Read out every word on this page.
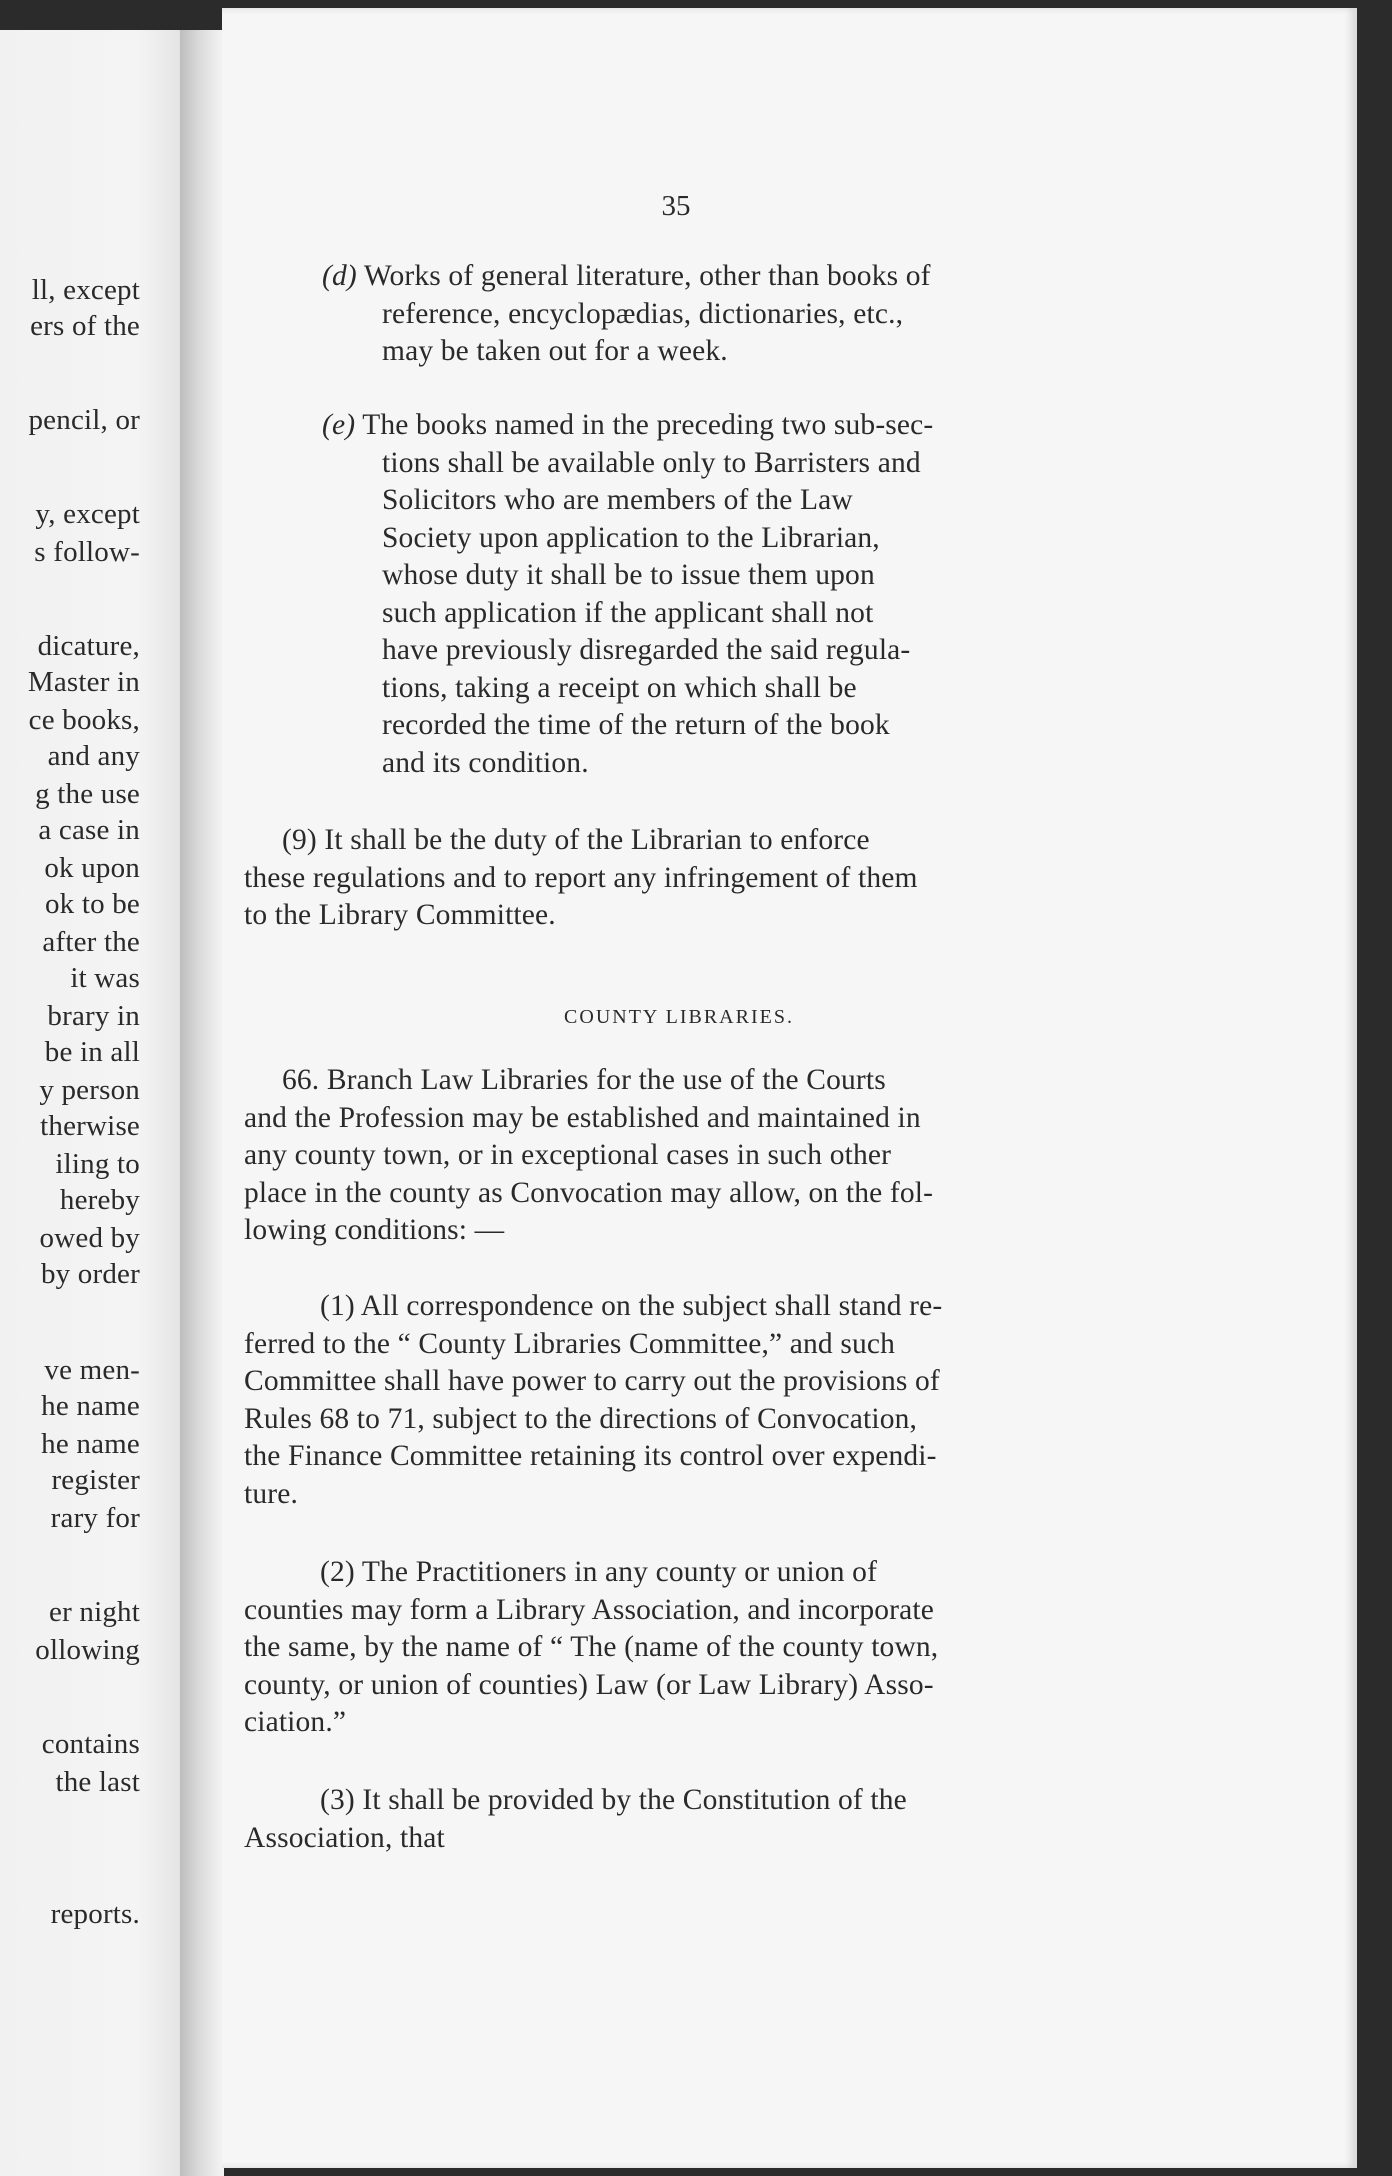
ll, except
ers of the
pencil, or
y, except
s follow-
dicature,
Master in
ce books,
and any
g the use
a case in
ok upon
ok to be
after the
it was
brary in
be in all
y person
therwise
iling to
hereby
owed by
by order
ve men-
he name
he name
register
rary for
er night
ollowing
contains
the last
reports.
35
(d) Works of general literature, other than books of
reference, encyclopædias, dictionaries, etc.,
may be taken out for a week.
(e) The books named in the preceding two sub-sec-
tions shall be available only to Barristers and
Solicitors who are members of the Law
Society upon application to the Librarian,
whose duty it shall be to issue them upon
such application if the applicant shall not
have previously disregarded the said regula-
tions, taking a receipt on which shall be
recorded the time of the return of the book
and its condition.
(9) It shall be the duty of the Librarian to enforce
these regulations and to report any infringement of them
to the Library Committee.
COUNTY LIBRARIES.
66. Branch Law Libraries for the use of the Courts
and the Profession may be established and maintained in
any county town, or in exceptional cases in such other
place in the county as Convocation may allow, on the fol-
lowing conditions: —
(1) All correspondence on the subject shall stand re-
ferred to the “ County Libraries Committee,” and such
Committee shall have power to carry out the provisions of
Rules 68 to 71, subject to the directions of Convocation,
the Finance Committee retaining its control over expendi-
ture.
(2) The Practitioners in any county or union of
counties may form a Library Association, and incorporate
the same, by the name of “ The (name of the county town,
county, or union of counties) Law (or Law Library) Asso-
ciation.”
(3) It shall be provided by the Constitution of the
Association, that
